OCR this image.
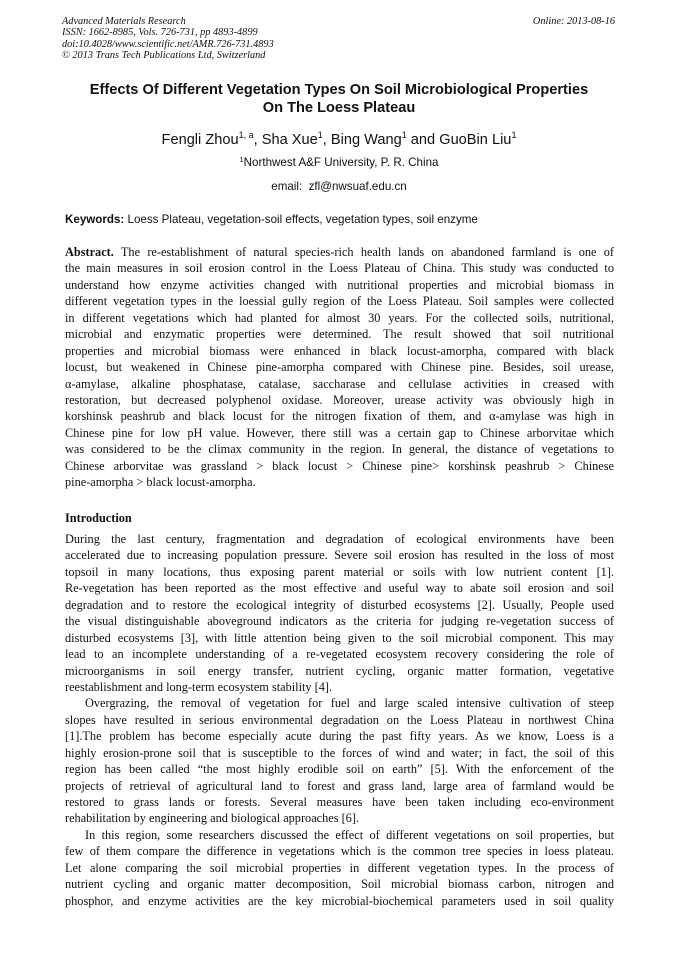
Advanced Materials Research
ISSN: 1662-8985, Vols. 726-731, pp 4893-4899
doi:10.4028/www.scientific.net/AMR.726-731.4893
© 2013 Trans Tech Publications Ltd, Switzerland
Online: 2013-08-16
Effects Of Different Vegetation Types On Soil Microbiological Properties
On The Loess Plateau
Fengli Zhou$^{1, a}$, Sha Xue$^1$, Bing Wang$^1$ and GuoBin Liu$^1$
$^1$Northwest A&F University, P. R. China
email:  zfl@nwsuaf.edu.cn
Keywords: Loess Plateau, vegetation-soil effects, vegetation types, soil enzyme
Abstract. The re-establishment of natural species-rich health lands on abandoned farmland is one of
the main measures in soil erosion control in the Loess Plateau of China. This study was conducted to
understand how enzyme activities changed with nutritional properties and microbial biomass in
different vegetation types in the loessial gully region of the Loess Plateau. Soil samples were collected
in different vegetations which had planted for almost 30 years. For the collected soils, nutritional,
microbial and enzymatic properties were determined. The result showed that soil nutritional
properties and microbial biomass were enhanced in black locust-amorpha, compared with black
locust, but weakened in Chinese pine-amorpha compared with Chinese pine. Besides, soil urease,
α-amylase, alkaline phosphatase, catalase, saccharase and cellulase activities in creased with
restoration, but decreased polyphenol oxidase. Moreover, urease activity was obviously high in
korshinsk peashrub and black locust for the nitrogen fixation of them, and α-amylase was high in
Chinese pine for low pH value. However, there still was a certain gap to Chinese arborvitae which
was considered to be the climax community in the region. In general, the distance of vegetations to
Chinese arborvitae was grassland > black locust > Chinese pine> korshinsk peashrub > Chinese
pine-amorpha > black locust-amorpha.
Introduction
During the last century, fragmentation and degradation of ecological environments have been
accelerated due to increasing population pressure. Severe soil erosion has resulted in the loss of most
topsoil in many locations, thus exposing parent material or soils with low nutrient content [1].
Re-vegetation has been reported as the most effective and useful way to abate soil erosion and soil
degradation and to restore the ecological integrity of disturbed ecosystems [2]. Usually, People used
the visual distinguishable aboveground indicators as the criteria for judging re-vegetation success of
disturbed ecosystems [3], with little attention being given to the soil microbial component. This may
lead to an incomplete understanding of a re-vegetated ecosystem recovery considering the role of
microorganisms in soil energy transfer, nutrient cycling, organic matter formation, vegetative
reestablishment and long-term ecosystem stability [4].
Overgrazing, the removal of vegetation for fuel and large scaled intensive cultivation of steep
slopes have resulted in serious environmental degradation on the Loess Plateau in northwest China
[1].The problem has become especially acute during the past fifty years. As we know, Loess is a
highly erosion-prone soil that is susceptible to the forces of wind and water; in fact, the soil of this
region has been called “the most highly erodible soil on earth” [5]. With the enforcement of the
projects of retrieval of agricultural land to forest and grass land, large area of farmland would be
restored to grass lands or forests. Several measures have been taken including eco-environment
rehabilitation by engineering and biological approaches [6].
In this region, some researchers discussed the effect of different vegetations on soil properties, but
few of them compare the difference in vegetations which is the common tree species in loess plateau.
Let alone comparing the soil microbial properties in different vegetation types. In the process of
nutrient cycling and organic matter decomposition, Soil microbial biomass carbon, nitrogen and
phosphor, and enzyme activities are the key microbial-biochemical parameters used in soil quality
